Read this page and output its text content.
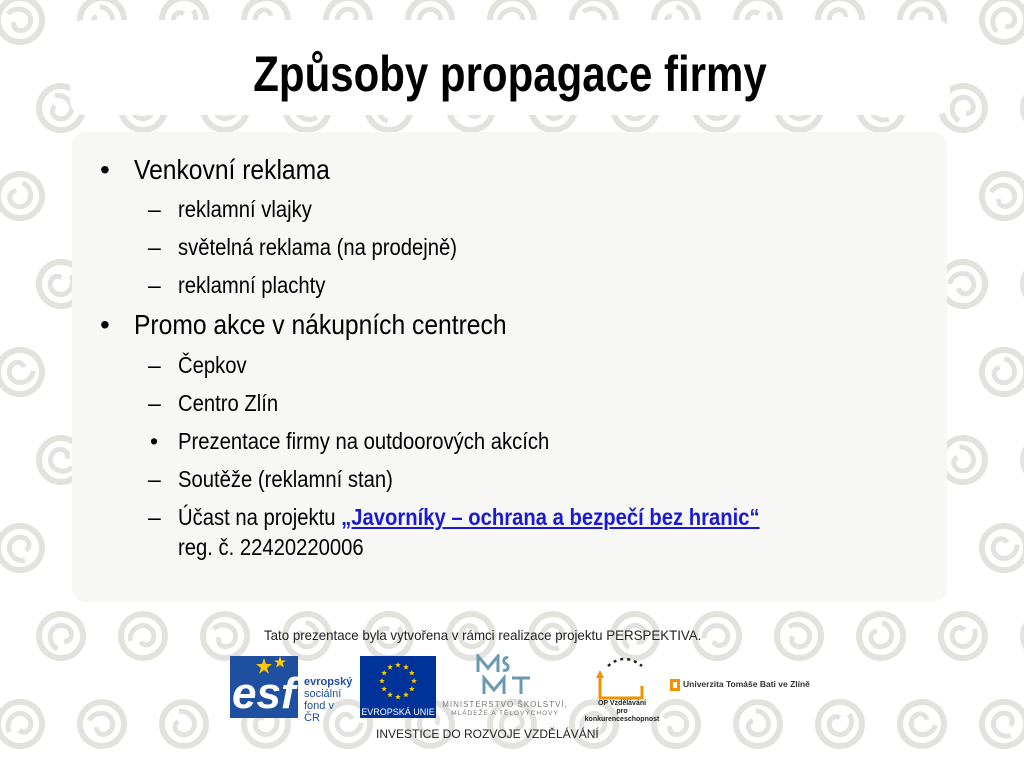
Způsoby propagace firmy
• Venkovní reklama
– reklamní vlajky
– světelná reklama (na prodejně)
– reklamní plachty
• Promo akce v nákupních centrech
– Čepkov
– Centro Zlín
• Prezentace firmy na outdoorových akcích
– Soutěže (reklamní stan)
– Účast na projektu „Javorníky – ochrana a bezpečí bez hranic“
reg. č. 22420220006
Tato prezentace byla vytvořena v rámci realizace projektu PERSPEKTIVA.
esf evropský
sociální
fond v ČR	EVROPSKÁ UNIE
MINISTERSTVO ŠKOLSTVÍ,
MLÁDEŽE A TĚLOVÝCHOVY
OP Vzdělávání
pro konkurenceschopnost
Univerzita Tomáše Bati ve Zlíně
INVESTICE DO ROZVOJE VZDĚLÁVÁNÍ
